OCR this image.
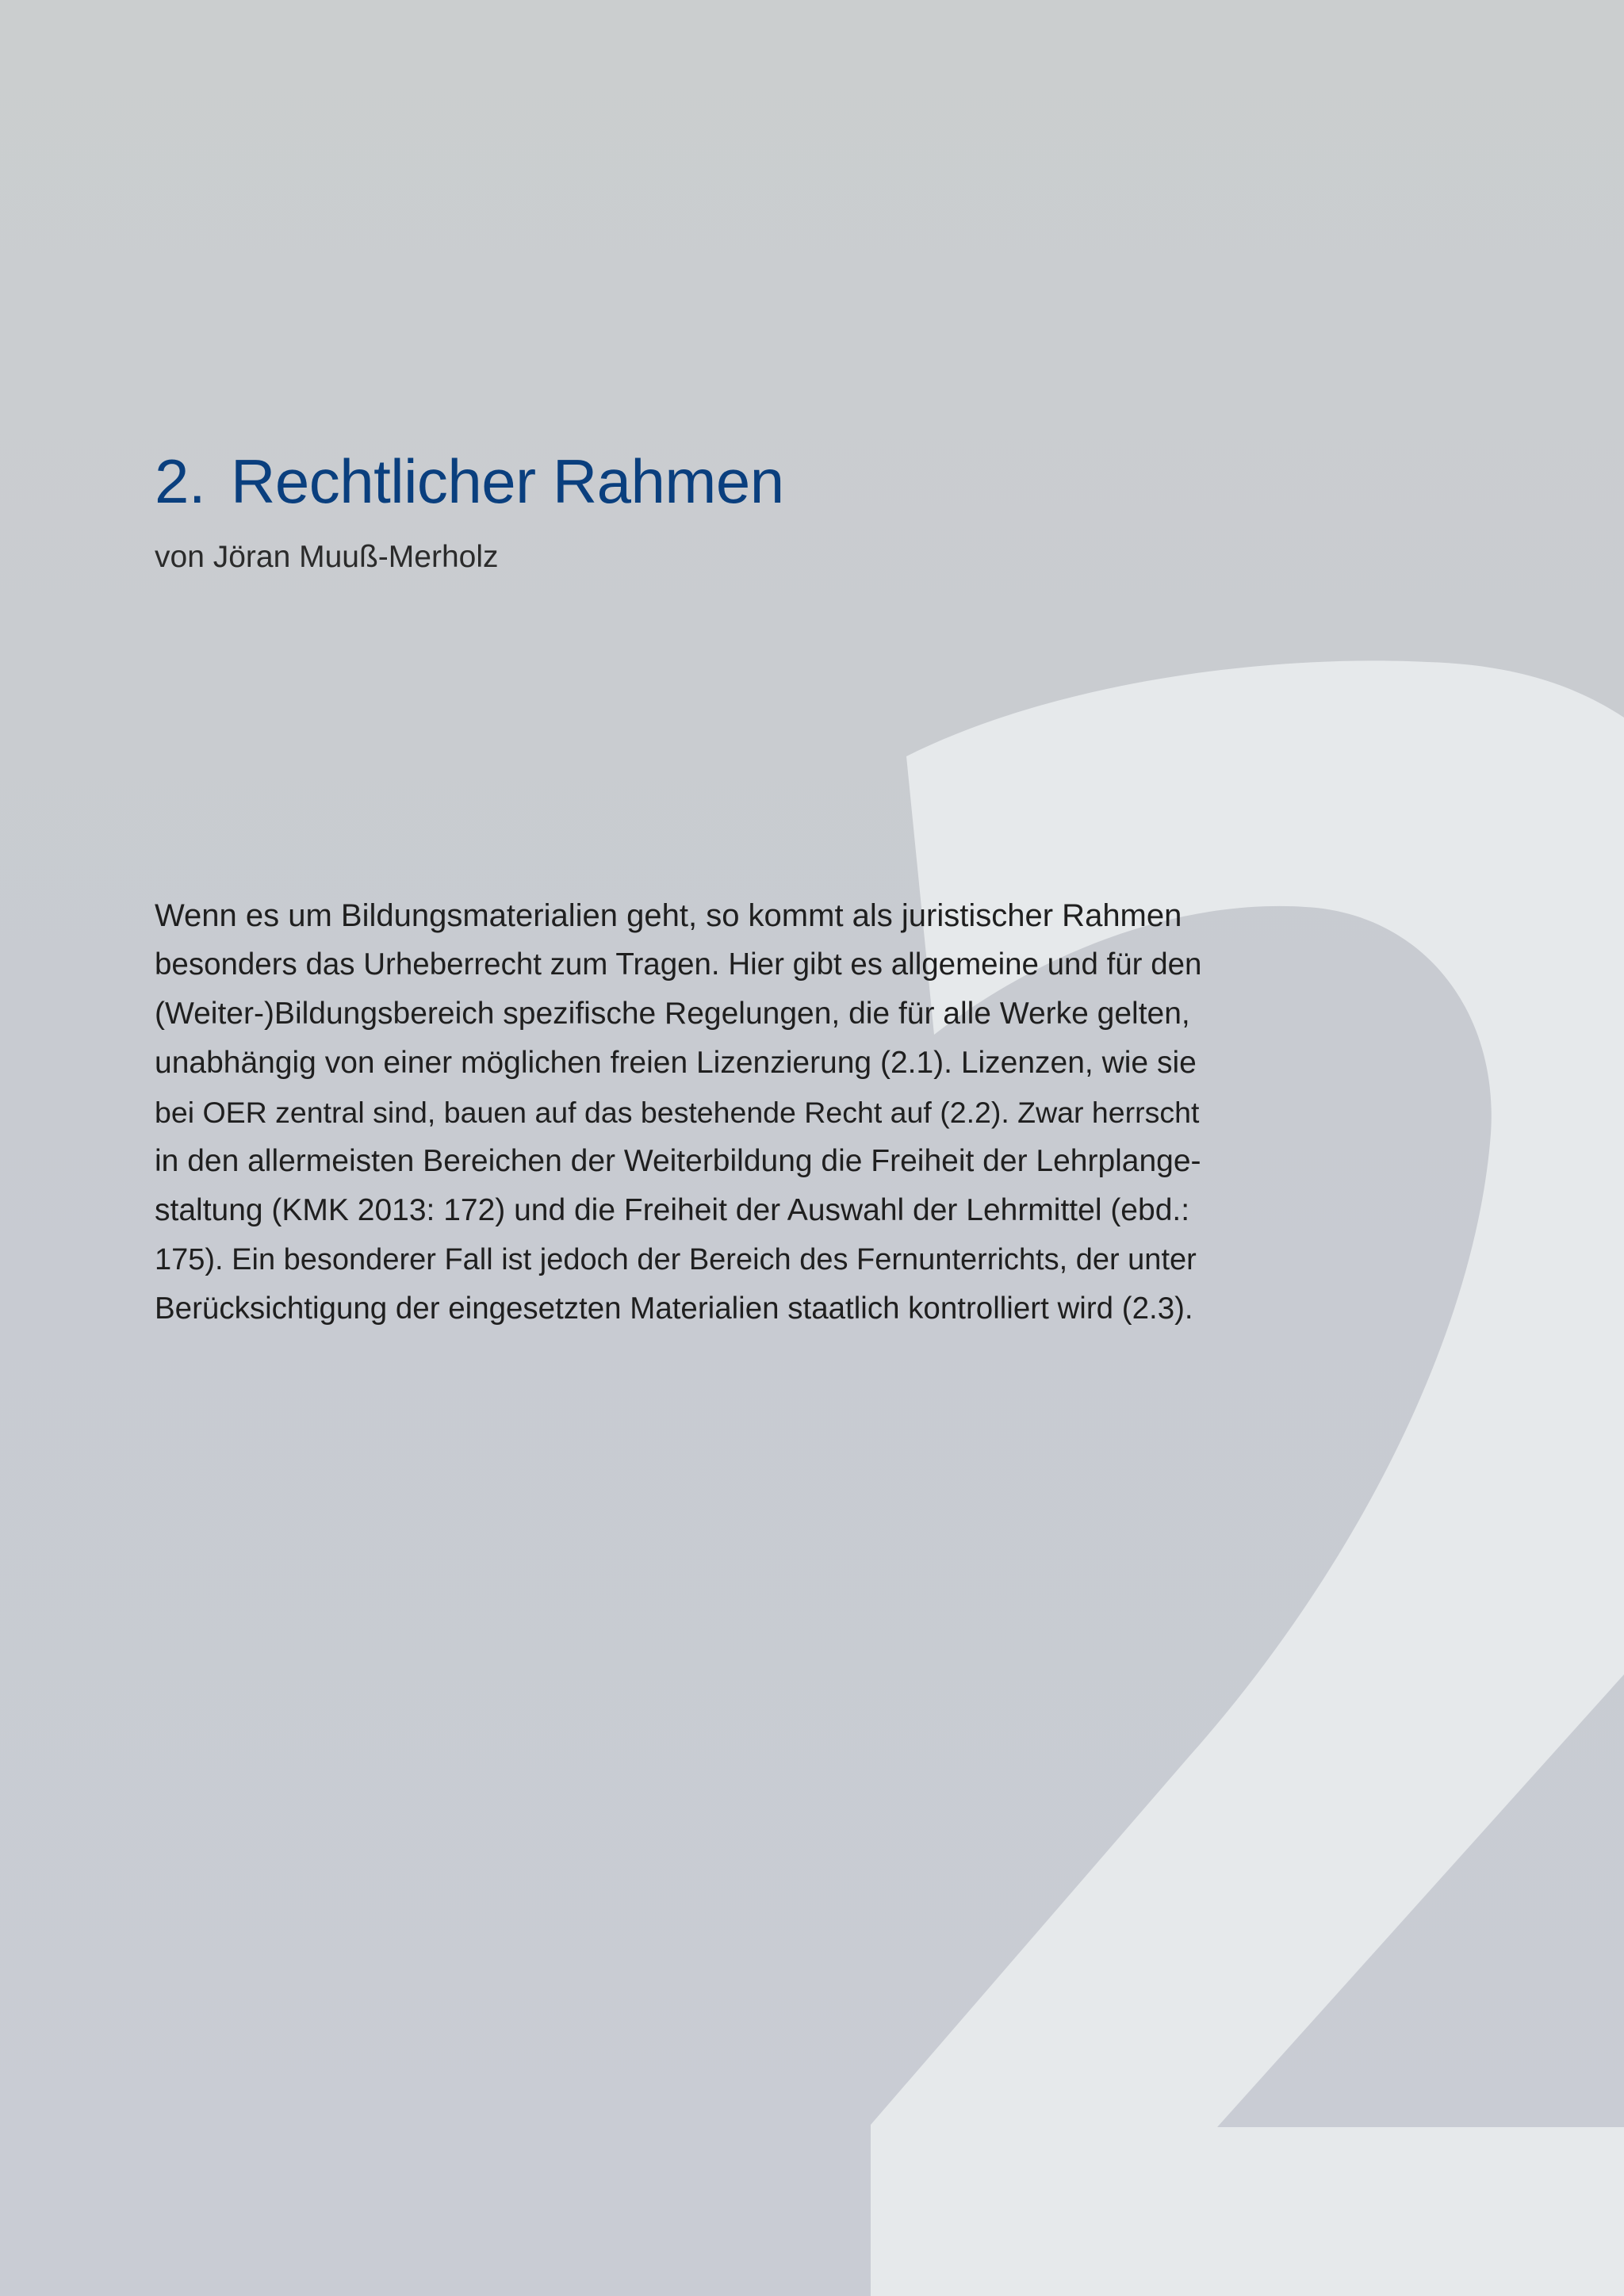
2. Rechtlicher Rahmen

von Jöran Muuß-Merholz

Wenn es um Bildungsmaterialien geht, so kommt als juristischer Rahmen
besonders das Urheberrecht zum Tragen. Hier gibt es allgemeine und für den
(Weiter-)Bildungsbereich spezifische Regelungen, die für alle Werke gelten,
unabhängig von einer möglichen freien Lizenzierung (2.1). Lizenzen, wie sie
bei OER zentral sind, bauen auf das bestehende Recht auf (2.2). Zwar herrscht
in den allermeisten Bereichen der Weiterbildung die Freiheit der Lehrplange-
staltung (KMK 2013: 172) und die Freiheit der Auswahl der Lehrmittel (ebd.:
175). Ein besonderer Fall ist jedoch der Bereich des Fernunterrichts, der unter
Berücksichtigung der eingesetzten Materialien staatlich kontrolliert wird (2.3).
